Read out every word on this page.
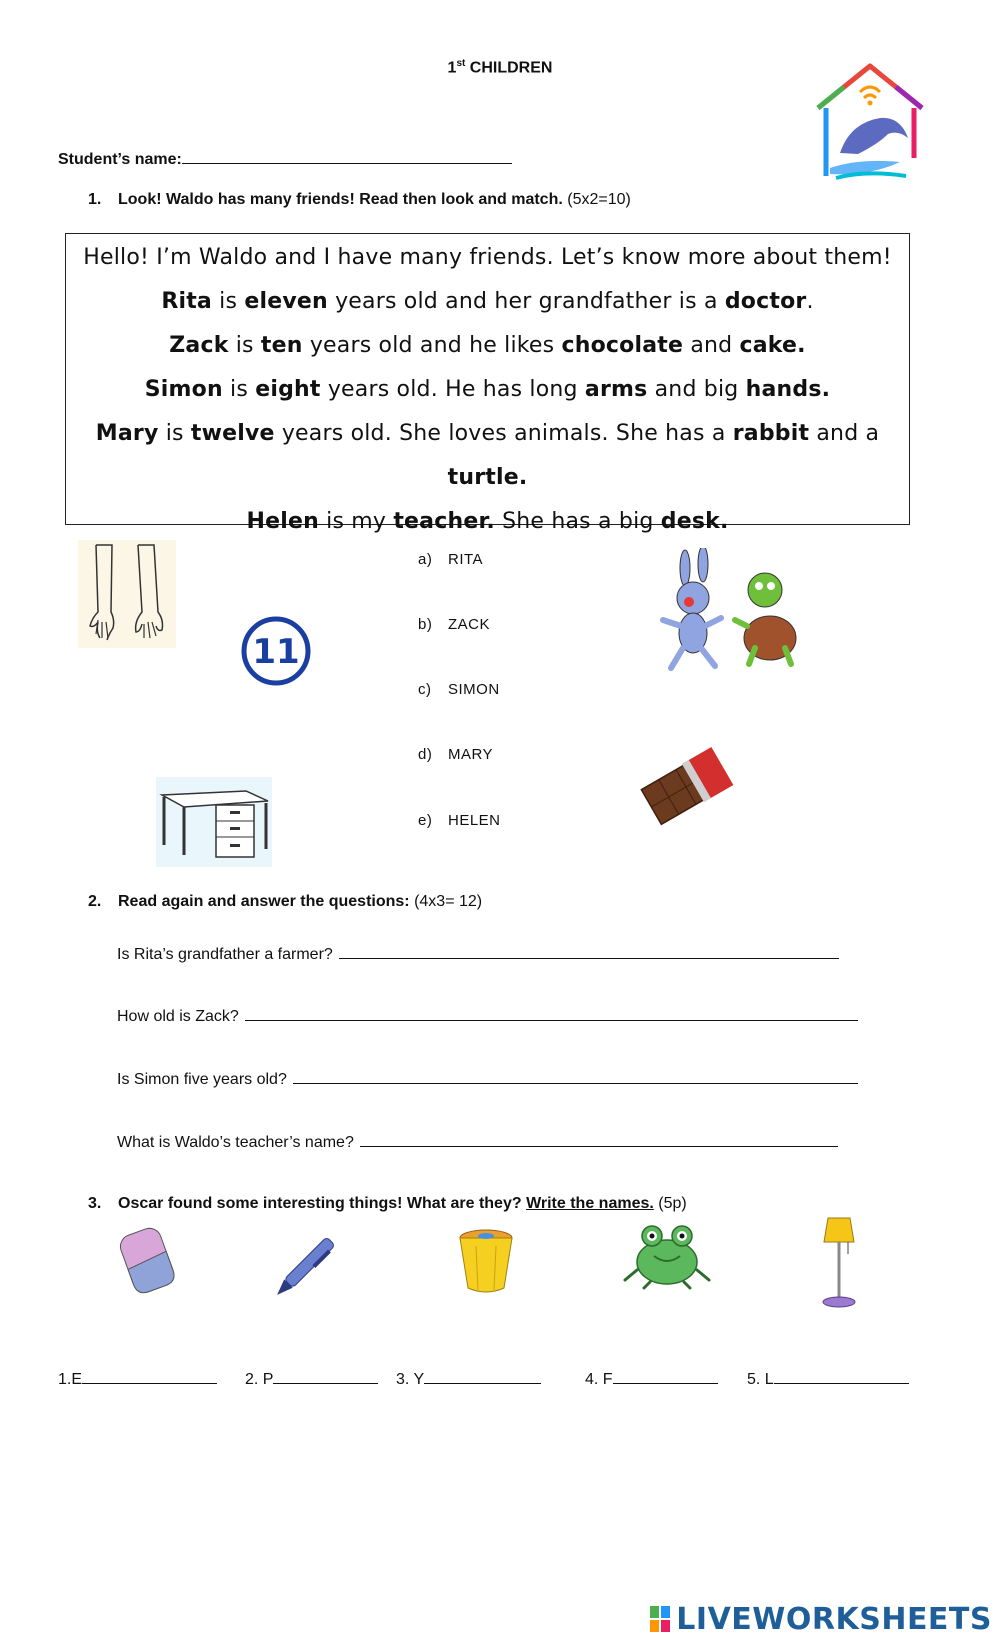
1st CHILDREN
Student’s name:
1. Look! Waldo has many friends! Read then look and match. (5x2=10)

Hello! I’m Waldo and I have many friends. Let’s know more about them!

Rita is eleven years old and her grandfather is a doctor.

Zack is ten years old and he likes chocolate and cake.

Simon is eight years old. He has long arms and big hands.

Mary is twelve years old. She loves animals. She has a rabbit and a turtle.

Helen is my teacher. She has a big desk.

11
a) RITA
b) ZACK
c) SIMON
d) MARY
e) HELEN
2. Read again and answer the questions: (4x3= 12)
Is Rita’s grandfather a farmer?
How old is Zack?
Is Simon five years old?
What is Waldo’s teacher’s name?
3. Oscar found some interesting things! What are they? Write the names. (5p)
1.E	2. P	3. Y	4. F	5. L
LIVEWORKSHEETS
